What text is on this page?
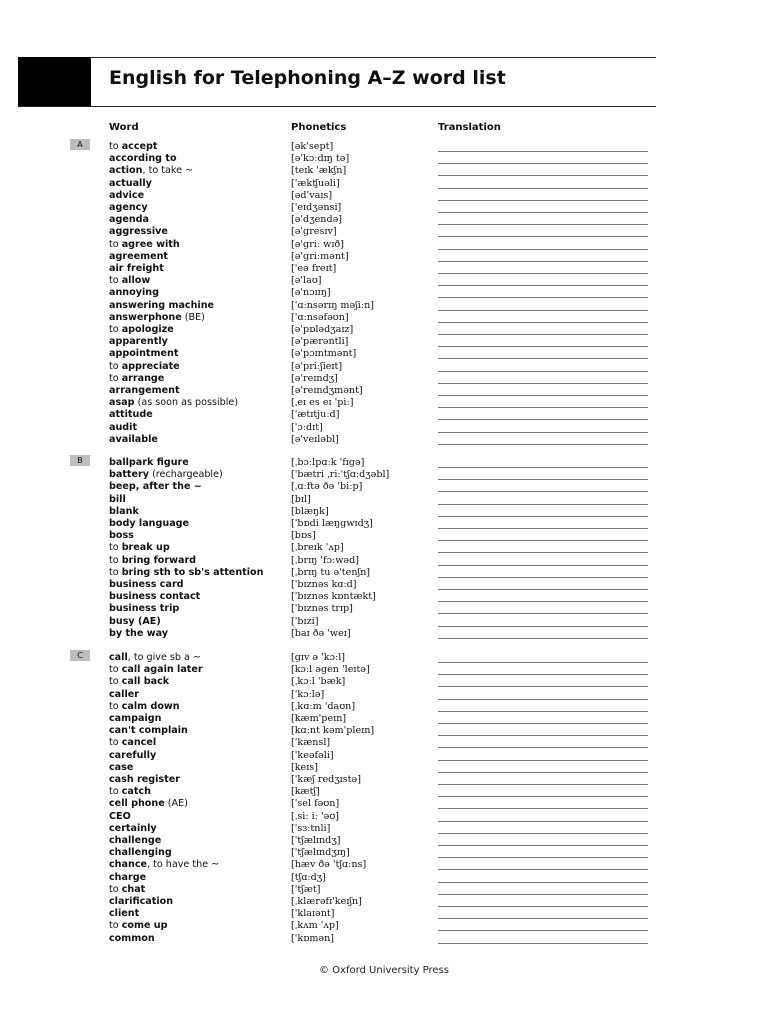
English for Telephoning A–Z word list
Word	Phonetics	Translation
A	to accept	[ək'sept]
according to	[ə'kɔːdɪŋ tə]
action, to take ~	[teɪk 'ækʃn]
actually	['ækʧuəli]
advice	[əd'vaɪs]
agency	['eɪdʒənsi]
agenda	[ə'dʒendə]
aggressive	[ə'gresɪv]
to agree with	[ə'griː wɪð]
agreement	[ə'griːmənt]
air freight	['eə freɪt]
to allow	[ə'laʊ]
annoying	[ə'nɔɪɪŋ]
answering machine	['ɑːnsərɪŋ məʃiːn]
answerphone (BE)	['ɑːnsəfəʊn]
to apologize	[ə'pɒlədʒaɪz]
apparently	[ə'pærəntli]
appointment	[ə'pɔɪntmənt]
to appreciate	[ə'priːʃieɪt]
to arrange	[ə'reɪndʒ]
arrangement	[ə'reɪndʒmənt]
asap (as soon as possible)	[ˌeɪ es eɪ 'piː]
attitude	['ætɪtjuːd]
audit	['ɔːdɪt]
available	[ə'veɪləbl]
B	ballpark figure	[ˌbɔːlpɑːk 'fɪgə]
battery (rechargeable)	['bætri ˌriː'tʃɑːdʒəbl]
beep, after the ~	[ˌɑːftə ðə 'biːp]
bill	[bɪl]
blank	[blæŋk]
body language	['bɒdi læŋgwɪdʒ]
boss	[bɒs]
to break up	[ˌbreɪk 'ʌp]
to bring forward	[ˌbrɪŋ 'fɔːwəd]
to bring sth to sb's attention	[ˌbrɪŋ tu ə'tenʃn]
business card	['bɪznəs kɑːd]
business contact	['bɪznəs kɒntækt]
business trip	['bɪznəs trɪp]
busy (AE)	['bɪzi]
by the way	[baɪ ðə 'weɪ]
C	call, to give sb a ~	[gɪv ə 'kɔːl]
to call again later	[kɔːl əgen 'leɪtə]
to call back	[ˌkɔːl 'bæk]
caller	['kɔːlə]
to calm down	[ˌkɑːm 'daʊn]
campaign	[kæm'peɪn]
can't complain	[kɑːnt kəm'pleɪn]
to cancel	['kænsl]
carefully	['keəfəli]
case	[keɪs]
cash register	['kæʃ redʒɪstə]
to catch	[kætʃ]
cell phone (AE)	['sel fəʊn]
CEO	[ˌsiː iː 'əʊ]
certainly	['sɜːtnli]
challenge	['tʃælɪndʒ]
challenging	['tʃælɪndʒɪŋ]
chance, to have the ~	[hæv ðə 'tʃɑːns]
charge	[tʃɑːdʒ]
to chat	['tʃæt]
clarification	[ˌklærəfɪ'keɪʃn]
client	['klaɪənt]
to come up	[ˌkʌm 'ʌp]
common	['kɒmən]
© Oxford University Press
